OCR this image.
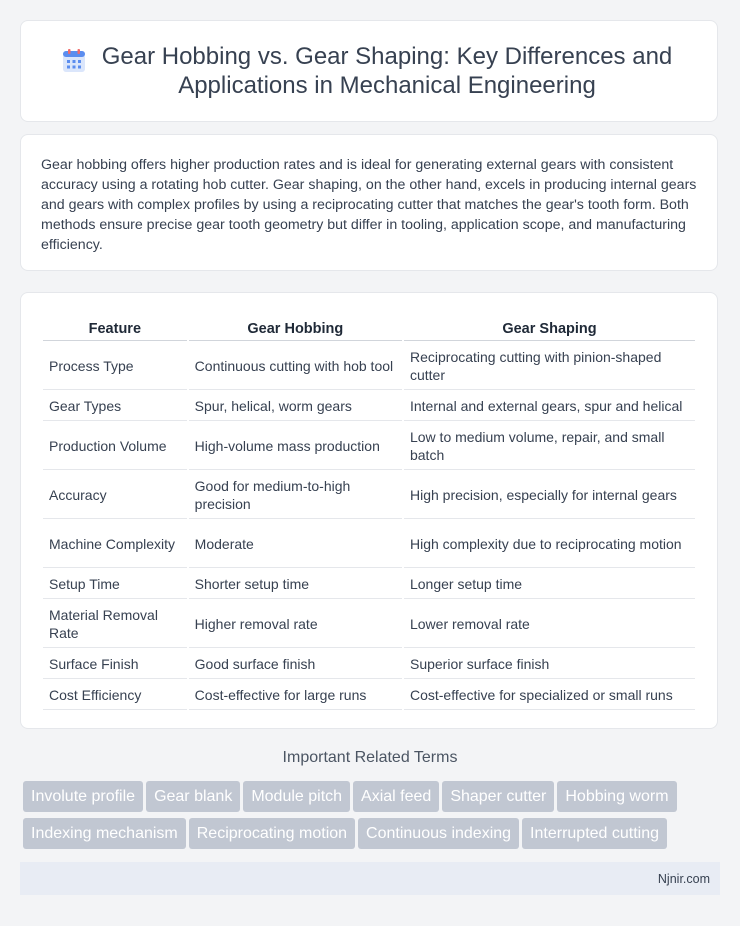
Gear Hobbing vs. Gear Shaping: Key Differences and Applications in Mechanical Engineering

Gear hobbing offers higher production rates and is ideal for generating external gears with consistent accuracy using a rotating hob cutter. Gear shaping, on the other hand, excels in producing internal gears and gears with complex profiles by using a reciprocating cutter that matches the gear's tooth form. Both methods ensure precise gear tooth geometry but differ in tooling, application scope, and manufacturing efficiency.

Feature	Gear Hobbing	Gear Shaping
Process Type	Continuous cutting with hob tool	Reciprocating cutting with pinion-shaped cutter
Gear Types	Spur, helical, worm gears	Internal and external gears, spur and helical
Production Volume	High-volume mass production	Low to medium volume, repair, and small batch
Accuracy	Good for medium-to-high precision	High precision, especially for internal gears
Machine Complexity	Moderate	High complexity due to reciprocating motion
Setup Time	Shorter setup time	Longer setup time
Material Removal Rate	Higher removal rate	Lower removal rate
Surface Finish	Good surface finish	Superior surface finish
Cost Efficiency	Cost-effective for large runs	Cost-effective for specialized or small runs
Important Related Terms
Involute profile Gear blank Module pitch Axial feed Shaper cutter Hobbing worm
Indexing mechanism Reciprocating motion Continuous indexing Interrupted cutting
Njnir.com
